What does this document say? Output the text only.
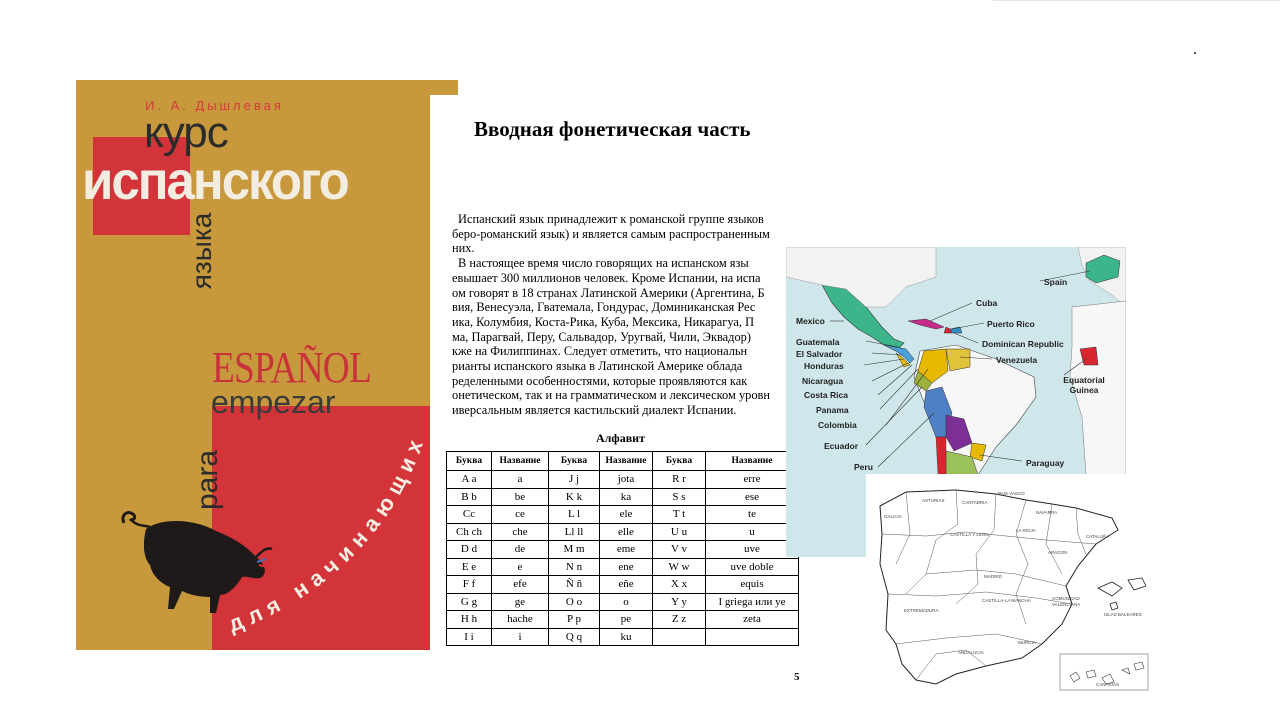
И. А. Дышлевая
курс
испанского
языка
ESPAÑOL
empezar
para
для начинающих
Вводная фонетическая часть

Испанский язык принадлежит к романской группе языков

бeро-романский язык) и является самым распространенным

них.

В настоящее время число говорящих на испанском язы

евышает 300 миллионов человек. Кроме Испании, на испа

ом говорят в 18 странах Латинской Америки (Аргентина, Б

вия, Венесуэла, Гватемала, Гондурас, Доминиканская Рес

ика, Колумбия, Коста-Рика, Куба, Мексика, Никарагуа, П

ма, Парагвай, Перу, Сальвадор, Уругвай, Чили, Эквадор)

кже на Филиппинах. Следует отметить, что национальн

рианты испанского языка в Латинской Америке облада

ределенными особенностями, которые проявляются как

онетическом, так и на грамматическом и лексическом уровн

иверсальным является кастильский диалект Испании.

Алфавит
Буква	Название	Буква	Название	Буква	Название
A a	a	J j	jota	R r	erre
B b	be	K k	ka	S s	ese
Cc	ce	L l	ele	T t	te
Ch ch	che	Ll ll	elle	U u	u
D d	de	M m	eme	V v	uve
E e	e	N n	ene	W w	uve doble
F f	efe	Ñ ñ	eñe	X x	equis
G g	ge	O o	o	Y y	I griega или ye
H h	hache	P p	pe	Z z	zeta
I i	i	Q q	ku		
5
Spain
Cuba
Mexico	Puerto Rico
Guatemala	Dominican Republic
El Salvador
Venezuela
Honduras
Nicaragua	Equatorial Guinea
Costa Rica
Panama
Colombia
Ecuador
Peru	Paraguay
PAIS VASCO
ASTURIAS	CANTABRIA
GALICIA
NAVARRA
CASTILLA Y LEON
LA RIOJA
ARAGON
CATALUÑA
MADRID
CASTILLA-LA MANCHA
EXTREMADURA
COMUNIDAD VALENCIANA
ANDALUCIA
MURCIA
ISLAS BALEARES
CANARIAS
